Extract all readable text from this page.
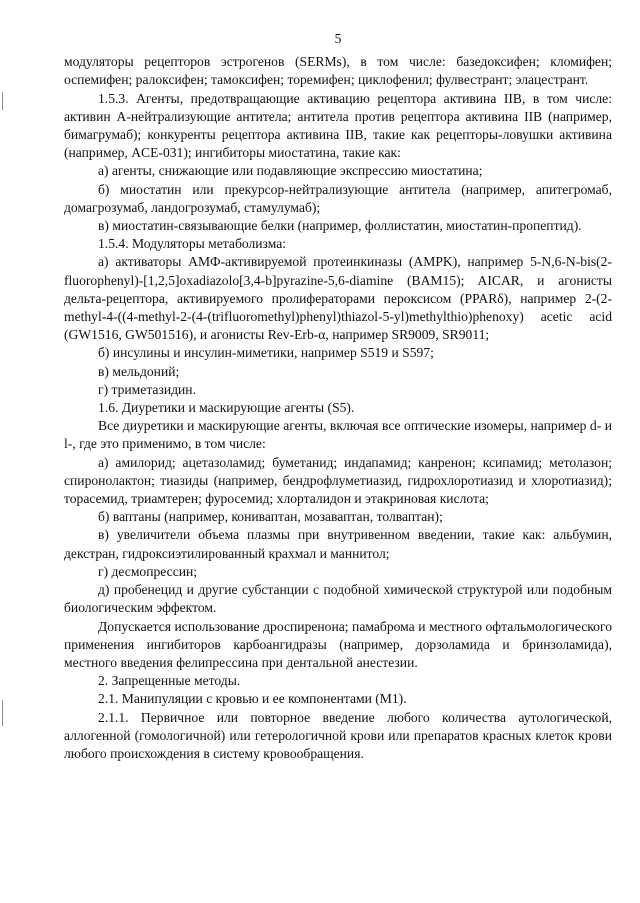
5

модуляторы рецепторов эстрогенов (SERMs), в том числе: базедоксифен; кломифен; оспемифен; ралоксифен; тамоксифен; торемифен; циклофенил; фулвестрант; элацестрант.

1.5.3. Агенты, предотвращающие активацию рецептора активина IIB, в том числе: активин А-нейтрализующие антитела; антитела против рецептора активина IIB (например, бимагрумаб); конкуренты рецептора активина IIB, такие как рецепторы-ловушки активина (например, ACE-031); ингибиторы миостатина, такие как:

а) агенты, снижающие или подавляющие экспрессию миостатина;

б) миостатин или прекурсор-нейтрализующие антитела (например, апитегромаб, домагрозумаб, ландогрозумаб, стамулумаб);

в) миостатин-связывающие белки (например, фоллистатин, миостатин-пропептид).

1.5.4. Модуляторы метаболизма:

а) активаторы АМФ-активируемой протеинкиназы (AMPK), например 5-N,6-N-bis(2-fluorophenyl)-[1,2,5]oxadiazolo[3,4-b]pyrazine-5,6-diamine (BAM15); AICAR, и агонисты дельта-рецептора, активируемого пролифераторами пероксисом (PPARδ), например 2-(2-methyl-4-((4-methyl-2-(4-(trifluoromethyl)phenyl)thiazol-5-yl)methylthio)phenoxy) acetic acid (GW1516, GW501516), и агонисты Rev-Erb-α, например SR9009, SR9011;

б) инсулины и инсулин-миметики, например S519 и S597;

в) мельдоний;

г) триметазидин.

1.6. Диуретики и маскирующие агенты (S5).

Все диуретики и маскирующие агенты, включая все оптические изомеры, например d- и l-, где это применимо, в том числе:

а) амилорид; ацетазоламид; буметанид; индапамид; канренон; ксипамид; метолазон; спиронолактон; тиазиды (например, бендрофлуметиазид, гидрохлоротиазид и хлоротиазид); торасемид, триамтерен; фуросемид; хлорталидон и этакриновая кислота;

б) ваптаны (например, кониваптан, мозаваптан, толваптан);

в) увеличители объема плазмы при внутривенном введении, такие как: альбумин, декстран, гидроксиэтилированный крахмал и маннитол;

г) десмопрессин;

д) пробенецид и другие субстанции с подобной химической структурой или подобным биологическим эффектом.

Допускается использование дроспиренона; памаброма и местного офтальмологического применения ингибиторов карбоангидразы (например, дорзоламида и бринзоламида), местного введения фелипрессина при дентальной анестезии.

2. Запрещенные методы.

2.1. Манипуляции с кровью и ее компонентами (M1).

2.1.1. Первичное или повторное введение любого количества аутологической, аллогенной (гомологичной) или гетерологичной крови или препаратов красных клеток крови любого происхождения в систему кровообращения.
